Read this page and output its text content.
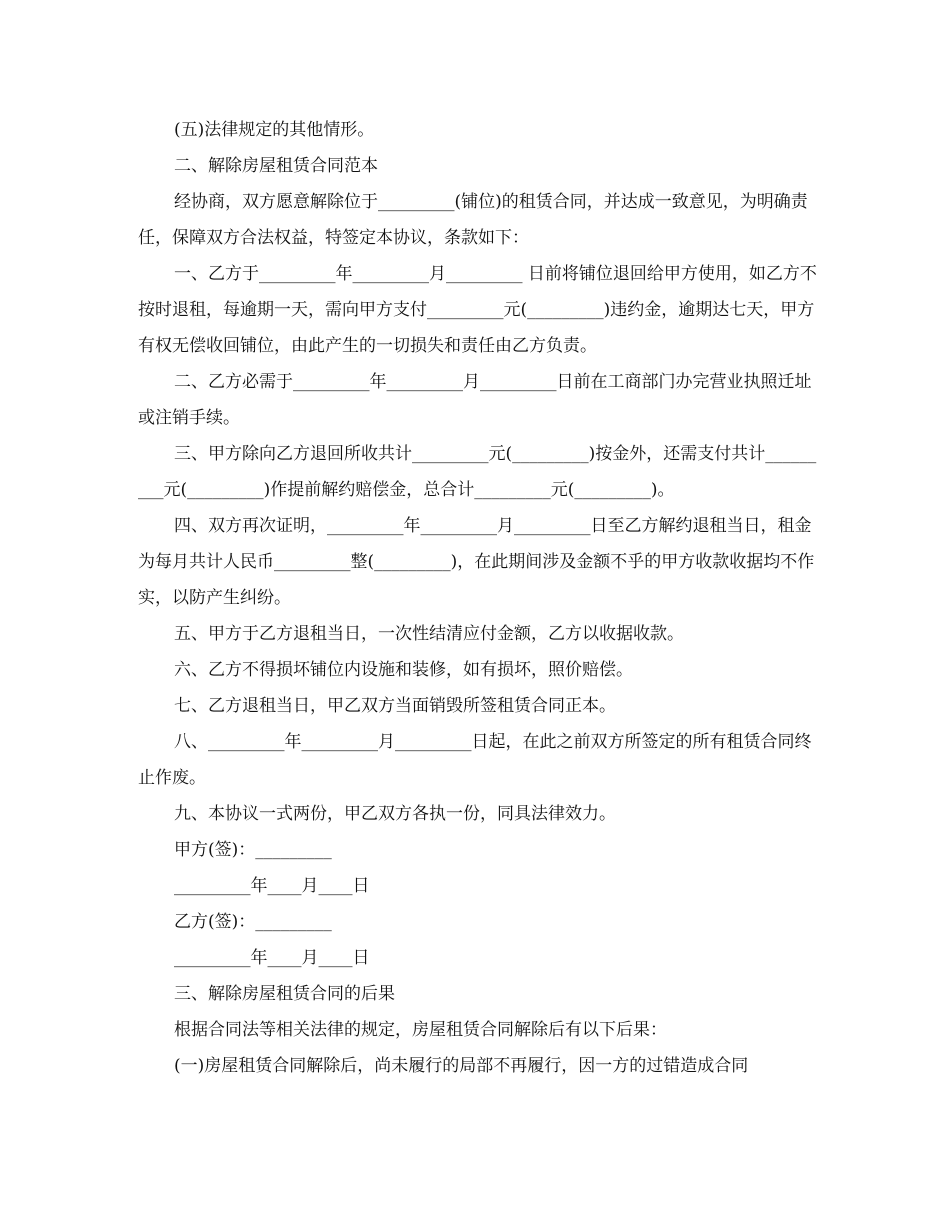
(五)法律规定的其他情形。

二、解除房屋租赁合同范本

经协商，双方愿意解除位于_________(铺位)的租赁合同，并达成一致意见，为明确责任，保障双方合法权益，特签定本协议，条款如下：

一、乙方于_________年_________月_________ 日前将铺位退回给甲方使用，如乙方不按时退租，每逾期一天，需向甲方支付_________元(_________)违约金，逾期达七天，甲方有权无偿收回铺位，由此产生的一切损失和责任由乙方负责。

二、乙方必需于_________年_________月_________日前在工商部门办完营业执照迁址或注销手续。

三、甲方除向乙方退回所收共计_________元(_________)按金外，还需支付共计_________元(_________)作提前解约赔偿金，总合计_________元(_________)。

四、双方再次证明，_________年_________月_________日至乙方解约退租当日，租金为每月共计人民币_________整(_________)，在此期间涉及金额不乎的甲方收款收据均不作实，以防产生纠纷。

五、甲方于乙方退租当日，一次性结清应付金额，乙方以收据收款。

六、乙方不得损坏铺位内设施和装修，如有损坏，照价赔偿。

七、乙方退租当日，甲乙双方当面销毁所签租赁合同正本。

八、_________年_________月_________日起，在此之前双方所签定的所有租赁合同终止作废。

九、本协议一式两份，甲乙双方各执一份，同具法律效力。

甲方(签)：_________

_________年____月____日

乙方(签)：_________

_________年____月____日

三、解除房屋租赁合同的后果

根据合同法等相关法律的规定，房屋租赁合同解除后有以下后果：

(一)房屋租赁合同解除后，尚未履行的局部不再履行，因一方的过错造成合同
